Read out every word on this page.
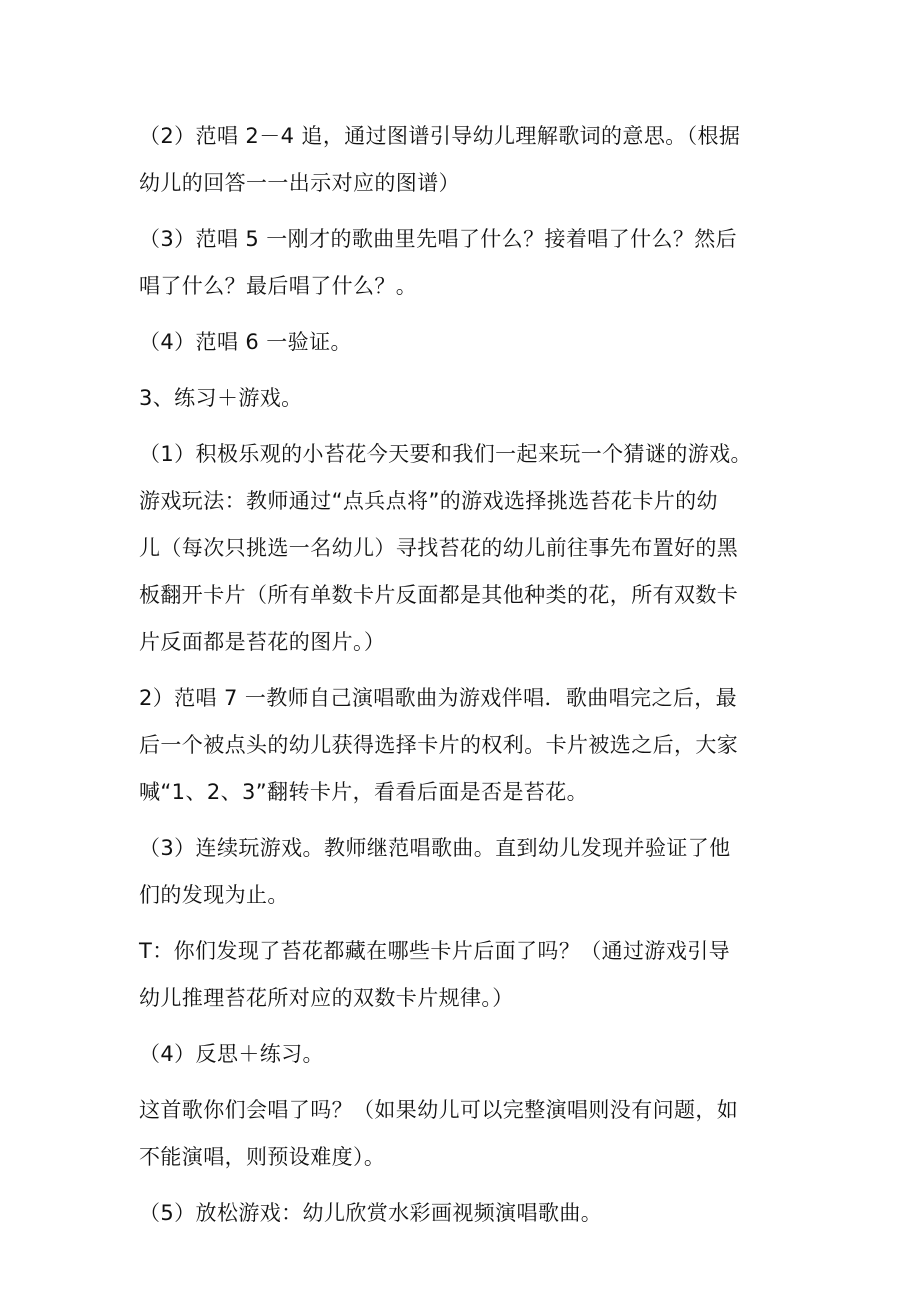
（2）范唱 2－4 追，通过图谱引导幼儿理解歌词的意思。（根据
幼儿的回答一一出示对应的图谱）

（3）范唱 5 一刚才的歌曲里先唱了什么？接着唱了什么？然后
唱了什么？最后唱了什么？。

（4）范唱 6 一验证。

3、练习＋游戏。

（1）积极乐观的小苔花今天要和我们一起来玩一个猜谜的游戏。
游戏玩法：教师通过“点兵点将”的游戏选择挑选苔花卡片的幼
儿（每次只挑选一名幼儿）寻找苔花的幼儿前往事先布置好的黑
板翻开卡片（所有单数卡片反面都是其他种类的花，所有双数卡
片反面都是苔花的图片。）

2）范唱 7 一教师自己演唱歌曲为游戏伴唱．歌曲唱完之后，最
后一个被点头的幼儿获得选择卡片的权利。卡片被选之后，大家
喊“1、2、3”翻转卡片，看看后面是否是苔花。

（3）连续玩游戏。教师继范唱歌曲。直到幼儿发现并验证了他
们的发现为止。

T：你们发现了苔花都藏在哪些卡片后面了吗？（通过游戏引导
幼儿推理苔花所对应的双数卡片规律。）

（4）反思＋练习。

这首歌你们会唱了吗？（如果幼儿可以完整演唱则没有问题，如
不能演唱，则预设难度）。

（5）放松游戏：幼儿欣赏水彩画视频演唱歌曲。
